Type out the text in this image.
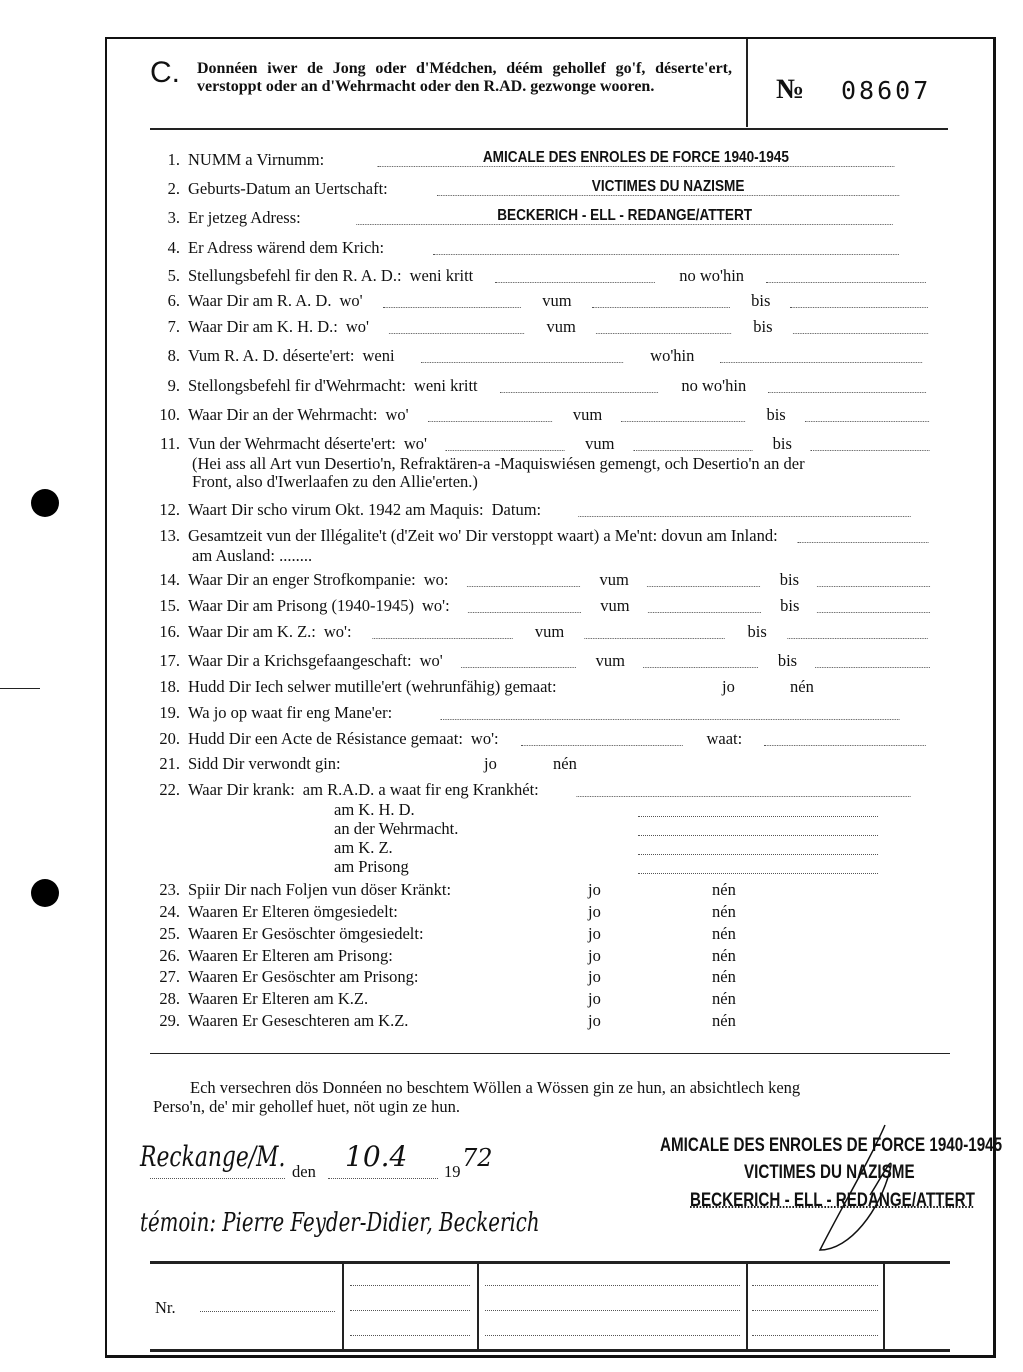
C. Donnéen iwer de Jong oder d'Médchen, déém gehollef go'f, déserte'ert, verstoppt oder an d'Wehrmacht oder den R.AD. gezwonge wooren.	№ 08607
1. NUMM a Virnumm:	AMICALE DES ENROLES DE FORCE 1940-1945
2. Geburts-Datum an Uertschaft:	VICTIMES DU NAZISME
3. Er jetzeg Adress:	BECKERICH - ELL - REDANGE/ATTERT
4. Er Adress wärend dem Krich:
5. Stellungsbefehl fir den R. A. D.: weni kritt	no wo'hin
6. Waar Dir am R. A. D. wo'	vum	bis
7. Waar Dir am K. H. D.: wo'	vum	bis
8. Vum R. A. D. déserte'ert: weni	wo'hin
9. Stellongsbefehl fir d'Wehrmacht: weni kritt	no wo'hin
10. Waar Dir an der Wehrmacht: wo'	vum	bis
11. Vun der Wehrmacht déserte'ert: wo'	vum	bis
(Hei ass all Art vun Desertio'n, Refraktären-a -Maquiswiésen gemengt, och Desertio'n an der
Front, also d'Iwerlaafen zu den Allie'erten.)
12. Waart Dir scho virum Okt. 1942 am Maquis: Datum:
13. Gesamtzeit vun der Illégalite't (d'Zeit wo' Dir verstoppt waart) a Me'nt: dovun am Inland:
am Ausland: ........
14. Waar Dir an enger Strofkompanie: wo:	vum	bis
15. Waar Dir am Prisong (1940-1945) wo':	vum	bis
16. Waar Dir am K. Z.: wo':	vum	bis
17. Waar Dir a Krichsgefaangeschaft: wo'	vum	bis
18. Hudd Dir Iech selwer mutille'ert (wehrunfähig) gemaat:	jo	nén
19. Wa jo op waat fir eng Mane'er:
20. Hudd Dir een Acte de Résistance gemaat: wo':	waat:
21. Sidd Dir verwondt gin:	jo	nén
22. Waar Dir krank: am R.A.D. a waat fir eng Krankhét:
am K. H. D.
an der Wehrmacht.
am K. Z.
am Prisong
23. Spiir Dir nach Foljen vun döser Kränkt:	jo	nén
24. Waaren Er Elteren ömgesiedelt:	jo	nén
25. Waaren Er Gesöschter ömgesiedelt:	jo	nén
26. Waaren Er Elteren am Prisong:	jo	nén
27. Waaren Er Gesöschter am Prisong:	jo	nén
28. Waaren Er Elteren am K.Z.	jo	nén
29. Waaren Er Geseschteren am K.Z.	jo	nén
Ech versechren dös Donnéen no beschtem Wöllen a Wössen gin ze hun, an absichtlech keng
Perso'n, de' mir gehollef huet, nöt ugin ze hun.
Reckange/M. den 10.4 19 72
témoin: Pierre Feyder-Didier, Beckerich
AMICALE DES ENROLES DE FORCE 1940-1945
VICTIMES DU NAZISME
BECKERICH - ELL - REDANGE/ATTERT
Nr.
